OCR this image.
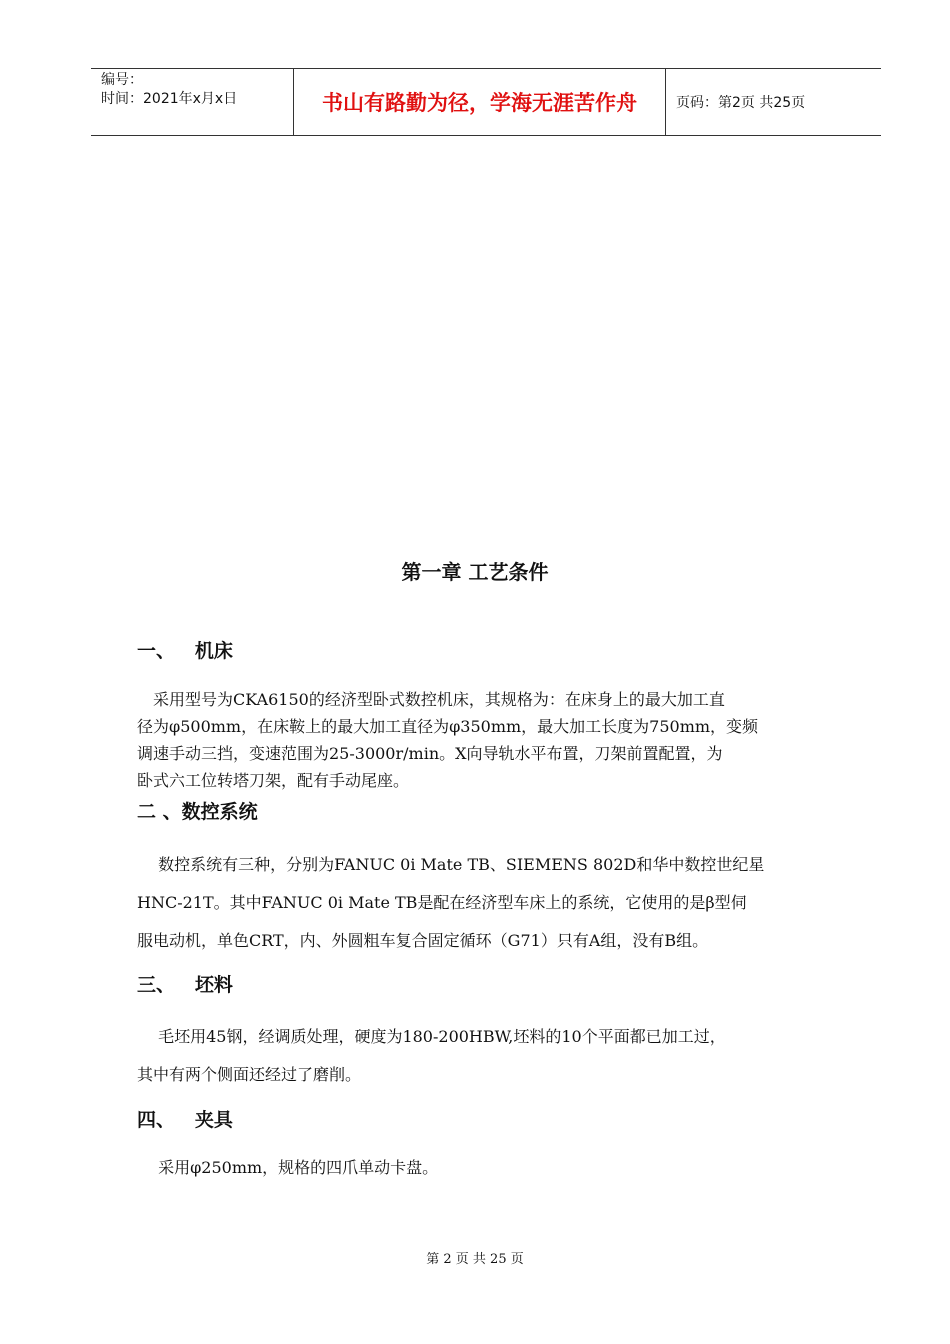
编号：
时间：2021年x月x日	书山有路勤为径，学海无涯苦作舟	页码：第2页 共25页
第一章 工艺条件
一、   机床

　采用型号为CKA6150的经济型卧式数控机床，其规格为：在床身上的最大加工直
径为φ500mm，在床鞍上的最大加工直径为φ350mm，最大加工长度为750mm，变频
调速手动三挡，变速范围为25-3000r/min。X向导轨水平布置，刀架前置配置，为
卧式六工位转塔刀架，配有手动尾座。

二 、数控系统

　 数控系统有三种，分别为FANUC 0i Mate TB、SIEMENS 802D和华中数控世纪星
HNC-21T。其中FANUC 0i Mate TB是配在经济型车床上的系统，它使用的是β型伺
服电动机，单色CRT，内、外圆粗车复合固定循环（G71）只有A组，没有B组。

三、   坯料

　 毛坯用45钢，经调质处理，硬度为180-200HBW,坯料的10个平面都已加工过，
其中有两个侧面还经过了磨削。

四、   夹具

　 采用φ250mm，规格的四爪单动卡盘。

第 2 页 共 25 页
